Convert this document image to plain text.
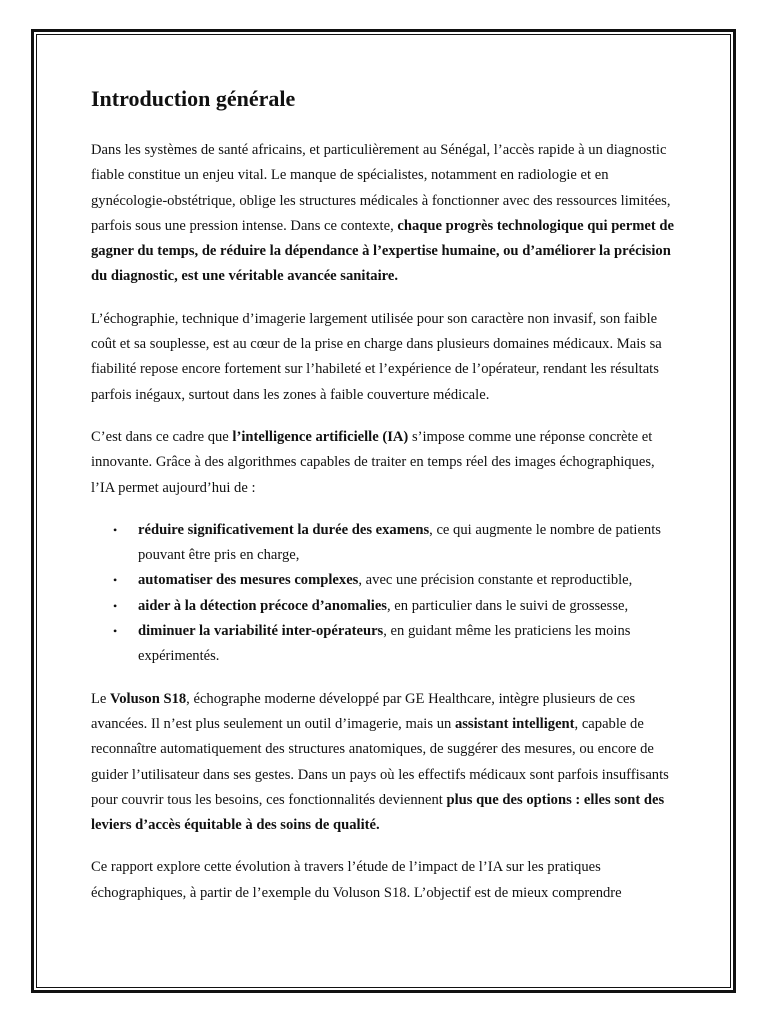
Introduction générale

Dans les systèmes de santé africains, et particulièrement au Sénégal, l’accès rapide à un diagnostic fiable constitue un enjeu vital. Le manque de spécialistes, notamment en radiologie et en gynécologie-obstétrique, oblige les structures médicales à fonctionner avec des ressources limitées, parfois sous une pression intense. Dans ce contexte, chaque progrès technologique qui permet de gagner du temps, de réduire la dépendance à l’expertise humaine, ou d’améliorer la précision du diagnostic, est une véritable avancée sanitaire.

L’échographie, technique d’imagerie largement utilisée pour son caractère non invasif, son faible coût et sa souplesse, est au cœur de la prise en charge dans plusieurs domaines médicaux. Mais sa fiabilité repose encore fortement sur l’habileté et l’expérience de l’opérateur, rendant les résultats parfois inégaux, surtout dans les zones à faible couverture médicale.

C’est dans ce cadre que l’intelligence artificielle (IA) s’impose comme une réponse concrète et innovante. Grâce à des algorithmes capables de traiter en temps réel des images échographiques, l’IA permet aujourd’hui de :

• réduire significativement la durée des examens, ce qui augmente le nombre de patients pouvant être pris en charge,
• automatiser des mesures complexes, avec une précision constante et reproductible,
• aider à la détection précoce d’anomalies, en particulier dans le suivi de grossesse,
• diminuer la variabilité inter-opérateurs, en guidant même les praticiens les moins expérimentés.

Le Voluson S18, échographe moderne développé par GE Healthcare, intègre plusieurs de ces avancées. Il n’est plus seulement un outil d’imagerie, mais un assistant intelligent, capable de reconnaître automatiquement des structures anatomiques, de suggérer des mesures, ou encore de guider l’utilisateur dans ses gestes. Dans un pays où les effectifs médicaux sont parfois insuffisants pour couvrir tous les besoins, ces fonctionnalités deviennent plus que des options : elles sont des leviers d’accès équitable à des soins de qualité.

Ce rapport explore cette évolution à travers l’étude de l’impact de l’IA sur les pratiques échographiques, à partir de l’exemple du Voluson S18. L’objectif est de mieux comprendre
